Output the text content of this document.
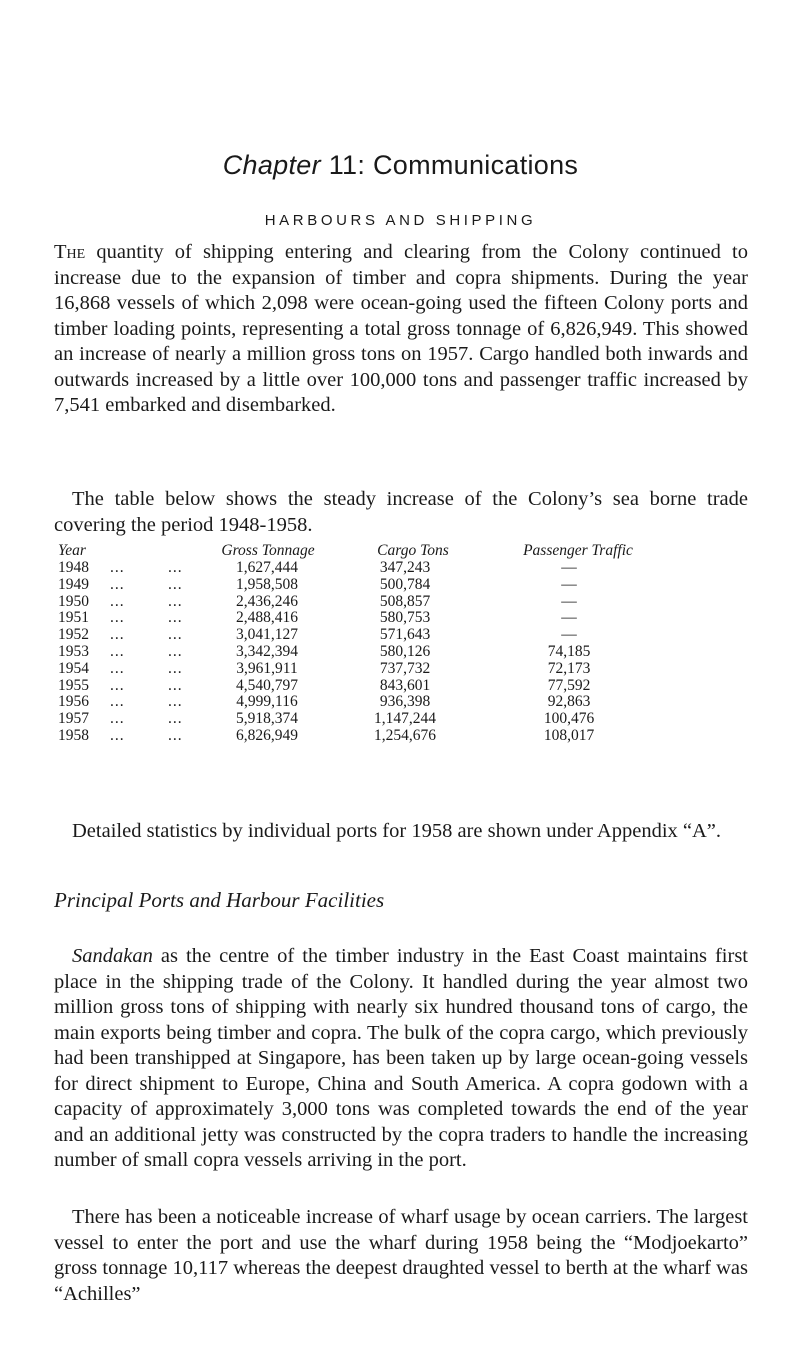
Chapter 11: Communications
HARBOURS AND SHIPPING

The quantity of shipping entering and clearing from the Colony continued to increase due to the expansion of timber and copra shipments. During the year 16,868 vessels of which 2,098 were ocean-going used the fifteen Colony ports and timber loading points, representing a total gross tonnage of 6,826,949. This showed an increase of nearly a million gross tons on 1957. Cargo handled both inwards and outwards increased by a little over 100,000 tons and passenger traffic increased by 7,541 embarked and disembarked.

The table below shows the steady increase of the Colony’s sea borne trade covering the period 1948-1958.

Year	Gross Tonnage	Cargo Tons	Passenger Traffic
1948 ...	...	1,627,444	347,243	—
1949 ...	...	1,958,508	500,784	—
1950 ...	...	2,436,246	508,857	—
1951 ...	...	2,488,416	580,753	—
1952 ...	...	3,041,127	571,643	—
1953 ...	...	3,342,394	580,126	74,185
1954 ...	...	3,961,911	737,732	72,173
1955 ...	...	4,540,797	843,601	77,592
1956 ...	...	4,999,116	936,398	92,863
1957 ...	...	5,918,374	1,147,244	100,476
1958 ...	...	6,826,949	1,254,676	108,017

Detailed statistics by individual ports for 1958 are shown under Appendix “A”.

Principal Ports and Harbour Facilities

Sandakan as the centre of the timber industry in the East Coast maintains first place in the shipping trade of the Colony. It handled during the year almost two million gross tons of shipping with nearly six hundred thousand tons of cargo, the main exports being timber and copra. The bulk of the copra cargo, which previously had been transhipped at Singapore, has been taken up by large ocean-going vessels for direct shipment to Europe, China and South America. A copra godown with a capacity of approximately 3,000 tons was completed towards the end of the year and an additional jetty was constructed by the copra traders to handle the increasing number of small copra vessels arriving in the port.

There has been a noticeable increase of wharf usage by ocean carriers. The largest vessel to enter the port and use the wharf during 1958 being the “Modjoekarto” gross tonnage 10,117 whereas the deepest draughted vessel to berth at the wharf was “Achilles”
